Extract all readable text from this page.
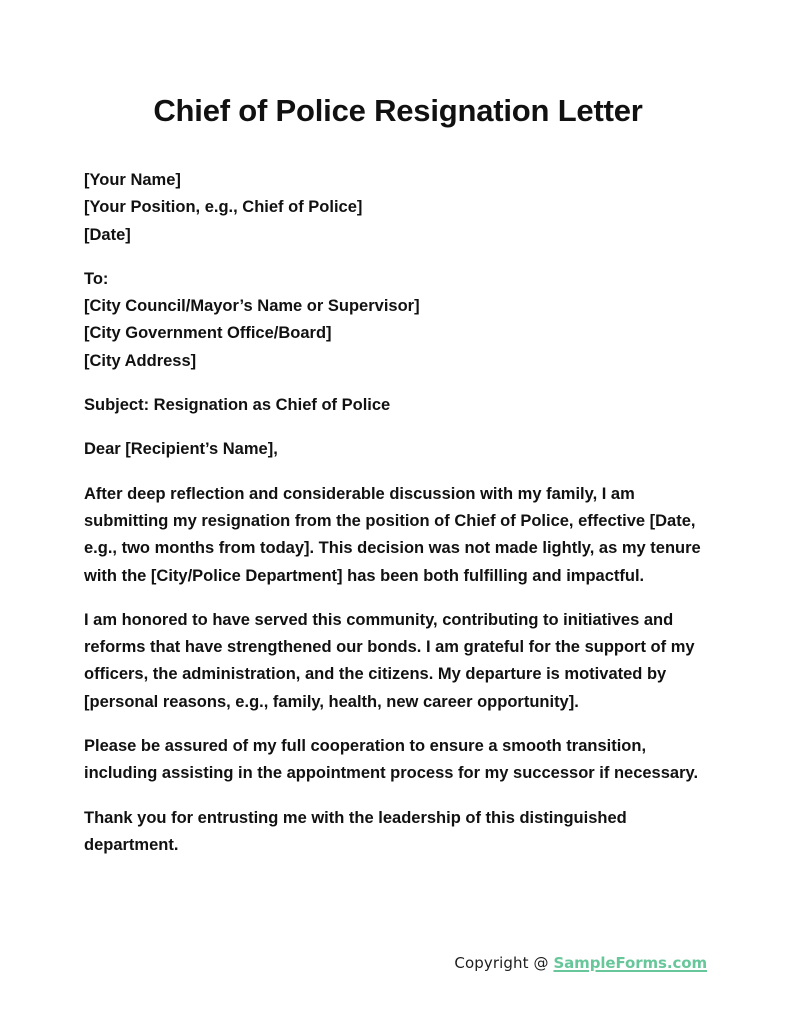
Chief of Police Resignation Letter
[Your Name]
[Your Position, e.g., Chief of Police]
[Date]
To:
[City Council/Mayor’s Name or Supervisor]
[City Government Office/Board]
[City Address]

Subject: Resignation as Chief of Police

Dear [Recipient’s Name],

After deep reflection and considerable discussion with my family, I am submitting my resignation from the position of Chief of Police, effective [Date, e.g., two months from today]. This decision was not made lightly, as my tenure with the [City/Police Department] has been both fulfilling and impactful.

I am honored to have served this community, contributing to initiatives and reforms that have strengthened our bonds. I am grateful for the support of my officers, the administration, and the citizens. My departure is motivated by [personal reasons, e.g., family, health, new career opportunity].

Please be assured of my full cooperation to ensure a smooth transition, including assisting in the appointment process for my successor if necessary.

Thank you for entrusting me with the leadership of this distinguished department.

Copyright @ SampleForms.com
